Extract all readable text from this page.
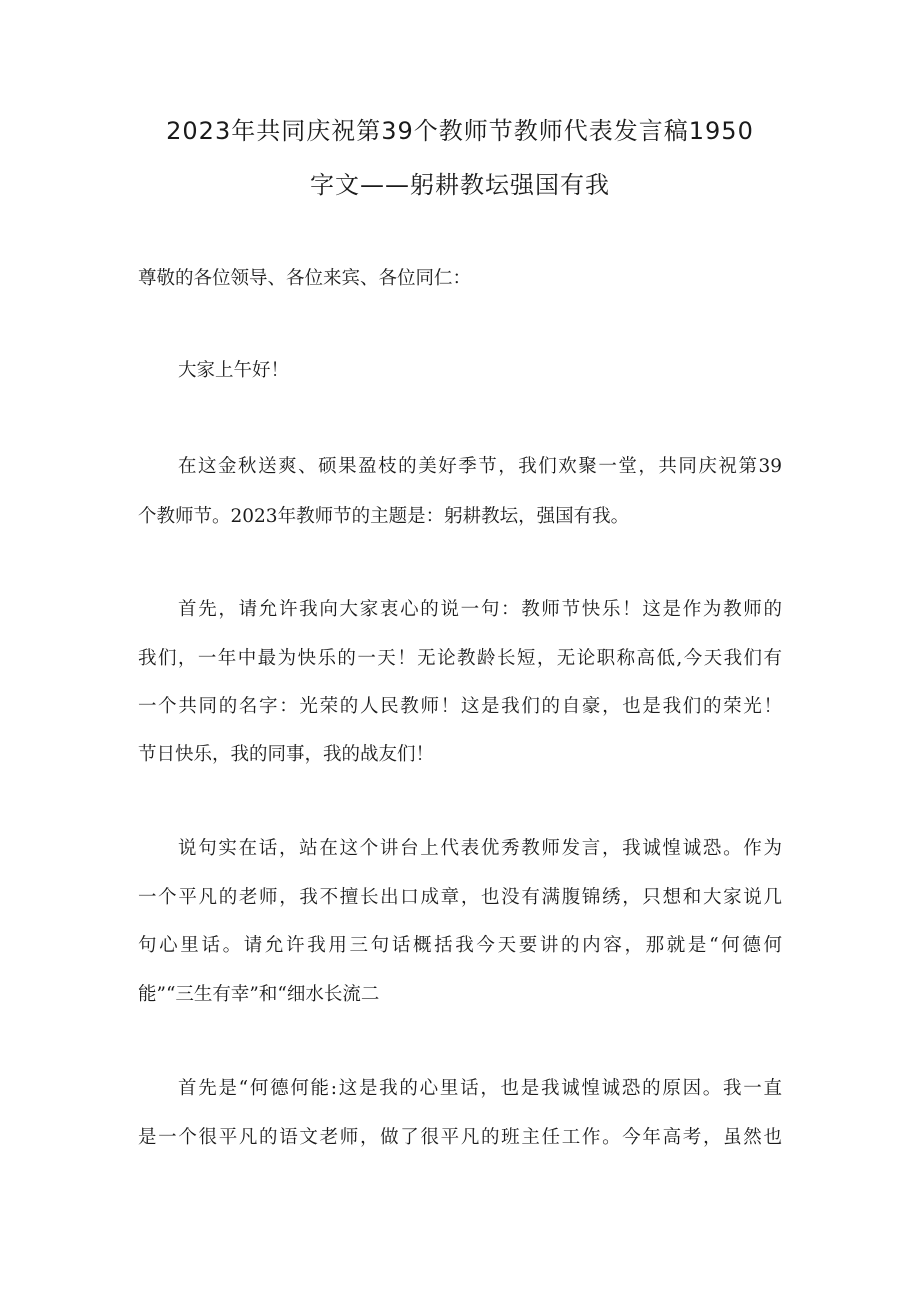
2023年共同庆祝第39个教师节教师代表发言稿1950
字文——躬耕教坛强国有我

尊敬的各位领导、各位来宾、各位同仁：

大家上午好！

在这金秋送爽、硕果盈枝的美好季节，我们欢聚一堂，共同庆祝第39

个教师节。2023年教师节的主题是：躬耕教坛，强国有我。

首先，请允许我向大家衷心的说一句：教师节快乐！这是作为教师的

我们，一年中最为快乐的一天！无论教龄长短，无论职称高低,今天我们有

一个共同的名字：光荣的人民教师！这是我们的自豪，也是我们的荣光！

节日快乐，我的同事，我的战友们！

说句实在话，站在这个讲台上代表优秀教师发言，我诚惶诚恐。作为

一个平凡的老师，我不擅长出口成章，也没有满腹锦绣，只想和大家说几

句心里话。请允许我用三句话概括我今天要讲的内容，那就是“何德何

能”“三生有幸”和“细水长流二

首先是“何德何能:这是我的心里话，也是我诚惶诚恐的原因。我一直

是一个很平凡的语文老师，做了很平凡的班主任工作。今年高考，虽然也
